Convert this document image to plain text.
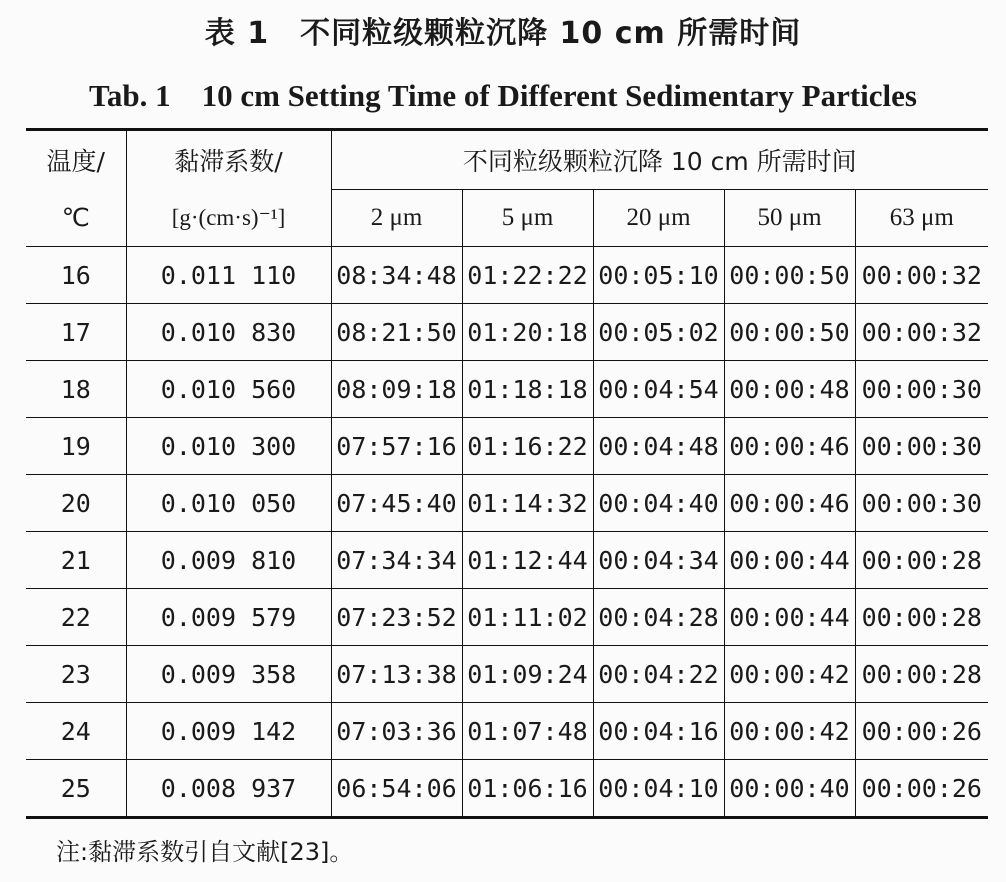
表 1　不同粒级颗粒沉降 10 cm 所需时间
Tab. 1　10 cm Setting Time of Different Sedimentary Particles
温度/	黏滞系数/	不同粒级颗粒沉降 10 cm 所需时间				
℃	[g·(cm·s)⁻¹]	2 μm	5 μm	20 μm	50 μm	63 μm
16	0.011 110	08:34:48	01:22:22	00:05:10	00:00:50	00:00:32
17	0.010 830	08:21:50	01:20:18	00:05:02	00:00:50	00:00:32
18	0.010 560	08:09:18	01:18:18	00:04:54	00:00:48	00:00:30
19	0.010 300	07:57:16	01:16:22	00:04:48	00:00:46	00:00:30
20	0.010 050	07:45:40	01:14:32	00:04:40	00:00:46	00:00:30
21	0.009 810	07:34:34	01:12:44	00:04:34	00:00:44	00:00:28
22	0.009 579	07:23:52	01:11:02	00:04:28	00:00:44	00:00:28
23	0.009 358	07:13:38	01:09:24	00:04:22	00:00:42	00:00:28
24	0.009 142	07:03:36	01:07:48	00:04:16	00:00:42	00:00:26
25	0.008 937	06:54:06	01:06:16	00:04:10	00:00:40	00:00:26
注:黏滞系数引自文献[23]。
